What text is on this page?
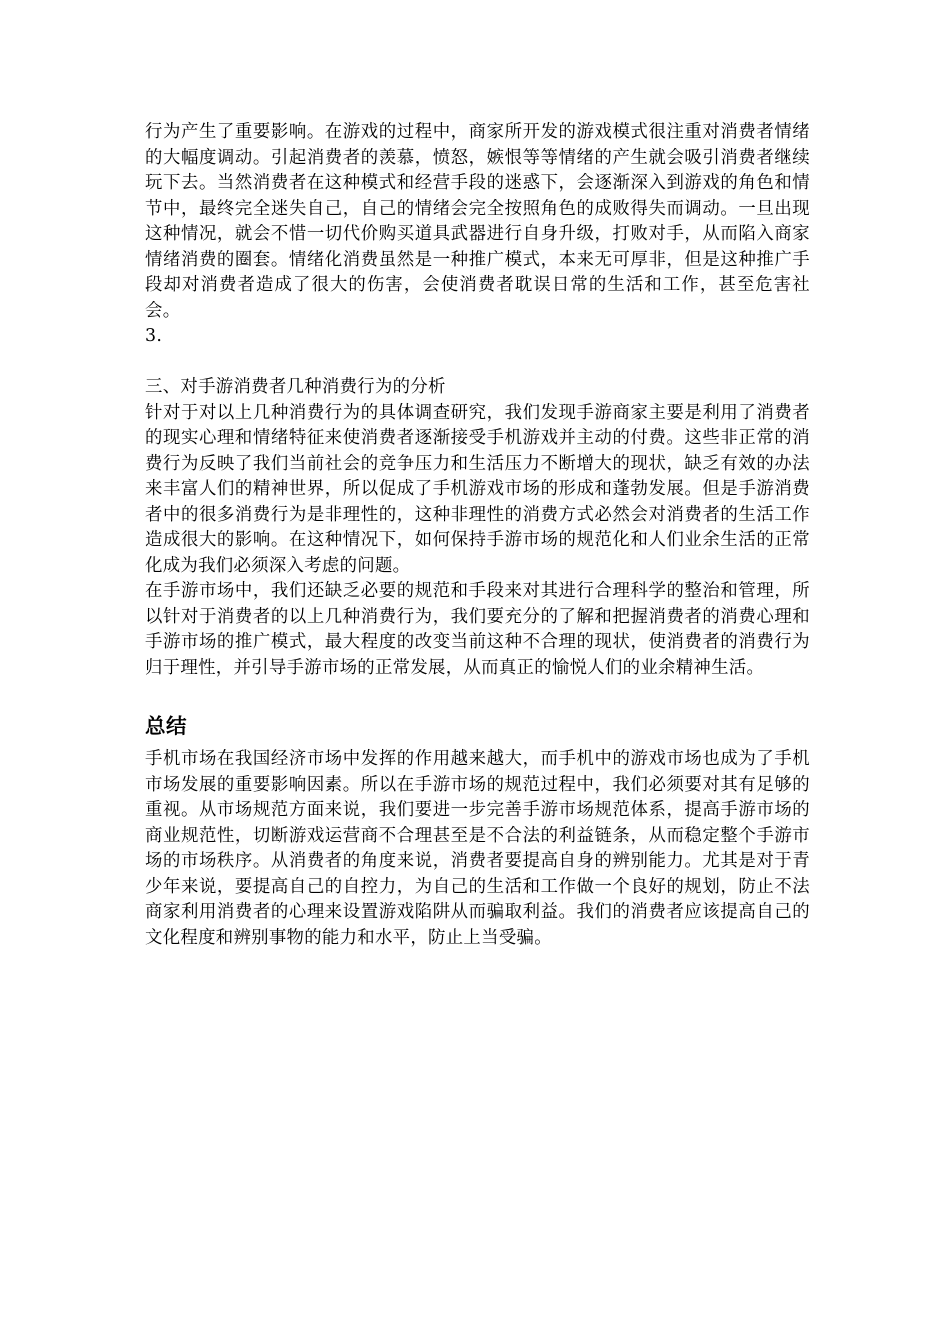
行为产生了重要影响。在游戏的过程中，商家所开发的游戏模式很注重对消费者情绪的大幅度调动。引起消费者的羡慕，愤怒，嫉恨等等情绪的产生就会吸引消费者继续玩下去。当然消费者在这种模式和经营手段的迷惑下，会逐渐深入到游戏的角色和情节中，最终完全迷失自己，自己的情绪会完全按照角色的成败得失而调动。一旦出现这种情况，就会不惜一切代价购买道具武器进行自身升级，打败对手，从而陷入商家情绪消费的圈套。情绪化消费虽然是一种推广模式，本来无可厚非，但是这种推广手段却对消费者造成了很大的伤害，会使消费者耽误日常的生活和工作，甚至危害社会。

3.

三、对手游消费者几种消费行为的分析

针对于对以上几种消费行为的具体调查研究，我们发现手游商家主要是利用了消费者的现实心理和情绪特征来使消费者逐渐接受手机游戏并主动的付费。这些非正常的消费行为反映了我们当前社会的竞争压力和生活压力不断增大的现状，缺乏有效的办法来丰富人们的精神世界，所以促成了手机游戏市场的形成和蓬勃发展。但是手游消费者中的很多消费行为是非理性的，这种非理性的消费方式必然会对消费者的生活工作造成很大的影响。在这种情况下，如何保持手游市场的规范化和人们业余生活的正常化成为我们必须深入考虑的问题。

在手游市场中，我们还缺乏必要的规范和手段来对其进行合理科学的整治和管理，所以针对于消费者的以上几种消费行为，我们要充分的了解和把握消费者的消费心理和手游市场的推广模式，最大程度的改变当前这种不合理的现状，使消费者的消费行为归于理性，并引导手游市场的正常发展，从而真正的愉悦人们的业余精神生活。

总结

手机市场在我国经济市场中发挥的作用越来越大，而手机中的游戏市场也成为了手机市场发展的重要影响因素。所以在手游市场的规范过程中，我们必须要对其有足够的重视。从市场规范方面来说，我们要进一步完善手游市场规范体系，提高手游市场的商业规范性，切断游戏运营商不合理甚至是不合法的利益链条，从而稳定整个手游市场的市场秩序。从消费者的角度来说，消费者要提高自身的辨别能力。尤其是对于青少年来说，要提高自己的自控力，为自己的生活和工作做一个良好的规划，防止不法商家利用消费者的心理来设置游戏陷阱从而骗取利益。我们的消费者应该提高自己的文化程度和辨别事物的能力和水平，防止上当受骗。
